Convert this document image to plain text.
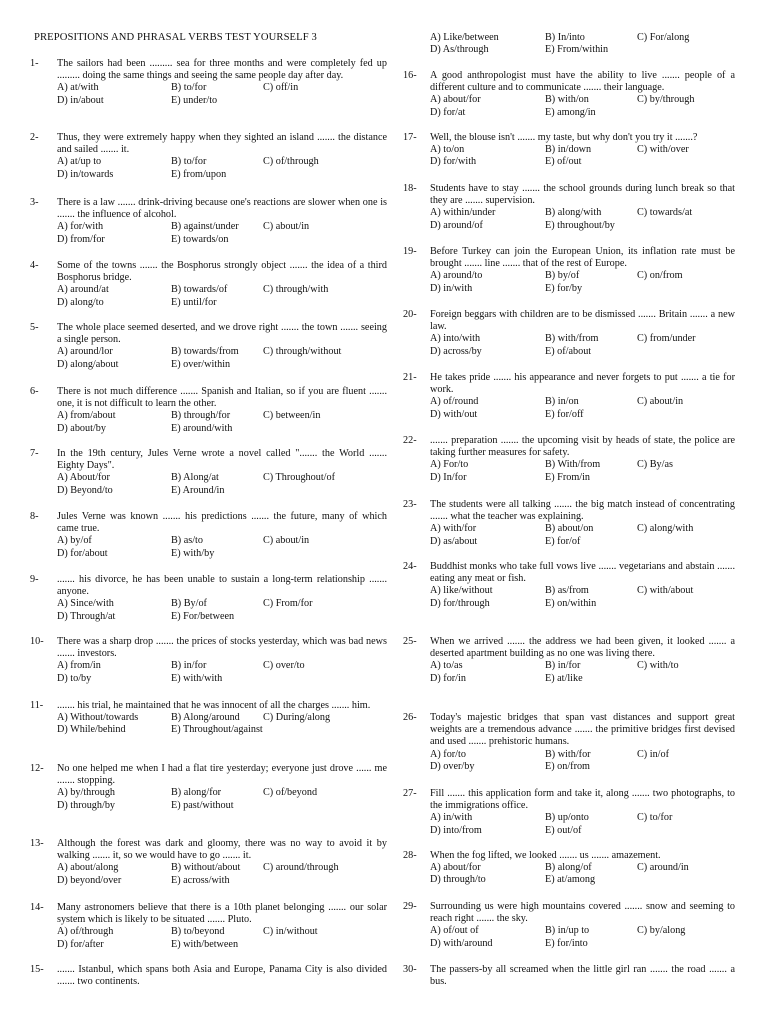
PREPOSITIONS AND PHRASAL VERBS TEST YOURSELF 3
1-	The sailors had been ......... sea for three months and were completely fed up ......... doing the same things and seeing the same people day after day.
A) at/with	B) to/for	C) off/in
D) in/about	E) under/to
2-	Thus, they were extremely happy when they sighted an island ....... the distance and sailed ....... it.
A) at/up to	B) to/for	C) of/through
D) in/towards	E) from/upon
3-	There is a law ....... drink-driving because one's reactions are slower when one is ....... the influence of alcohol.
A) for/with	B) against/under	C) about/in
D) from/for	E) towards/on
4-	Some of the towns ....... the Bosphorus strongly object ....... the idea of a third Bosphorus bridge.
A) around/at	B) towards/of	C) through/with
D) along/to	E) until/for
5-	The whole place seemed deserted, and we drove right ....... the town ....... seeing a single person.
A) around/lor	B) towards/from	C) through/without
D) along/about	E) over/within
6-	There is not much difference ....... Spanish and Italian, so if you are fluent ....... one, it is not difficult to learn the other.
A) from/about	B) through/for	C) between/in
D) about/by	E) around/with
7-	In the 19th century, Jules Verne wrote a novel called "....... the World ....... Eighty Days".
A) About/for	B) Along/at	C) Throughout/of
D) Beyond/to	E) Around/in
8-	Jules Verne was known ....... his predictions ....... the future, many of which came true.
A) by/of	B) as/to	C) about/in
D) for/about	E) with/by
9-	....... his divorce, he has been unable to sustain a long-term relationship ....... anyone.
A) Since/with	B) By/of	C) From/for
D) Through/at	E) For/between
10-	There was a sharp drop ....... the prices of stocks yesterday, which was bad news ....... investors.
A) from/in	B) in/for	C) over/to
D) to/by	E) with/with
11-	....... his trial, he maintained that he was innocent of all the charges ....... him.
A) Without/towards	B) Along/around	C) During/along
D) While/behind	E) Throughout/against
12-	No one helped me when I had a flat tire yesterday; everyone just drove ...... me ....... stopping.
A) by/through	B) along/for	C) of/beyond
D) through/by	E) past/without
13-	Although the forest was dark and gloomy, there was no way to avoid it by walking ....... it, so we would have to go ....... it.
A) about/along	B) without/about	C) around/through
D) beyond/over	E) across/with
14-	Many astronomers believe that there is a 10th planet belonging ....... our solar system which is likely to be situated ....... Pluto.
A) of/through	B) to/beyond	C) in/without
D) for/after	E) with/between
15-	....... Istanbul, which spans both Asia and Europe, Panama City is also divided ....... two continents.
A) Like/between	B) In/into	C) For/along
D) As/through	E) From/within
16-	A good anthropologist must have the ability to live ....... people of a different culture and to communicate ....... their language.
A) about/for	B) with/on	C) by/through
D) for/at	E) among/in
17-	Well, the blouse isn't ....... my taste, but why don't you try it .......?
A) to/on	B) in/down	C) with/over
D) for/with	E) of/out
18-	Students have to stay ....... the school grounds during lunch break so that they are ....... supervision.
A) within/under	B) along/with	C) towards/at
D) around/of	E) throughout/by
19-	Before Turkey can join the European Union, its inflation rate must be brought ....... line ....... that of the rest of Europe.
A) around/to	B) by/of	C) on/from
D) in/with	E) for/by
20-	Foreign beggars with children are to be dismissed ....... Britain ....... a new law.
A) into/with	B) with/from	C) from/under
D) across/by	E) of/about
21-	He takes pride ....... his appearance and never forgets to put ....... a tie for work.
A) of/round	B) in/on	C) about/in
D) with/out	E) for/off
22-	....... preparation ....... the upcoming visit by heads of state, the police are taking further measures for safety.
A) For/to	B) With/from	C) By/as
D) In/for	E) From/in
23-	The students were all talking ....... the big match instead of concentrating ....... what the teacher was explaining.
A) with/for	B) about/on	C) along/with
D) as/about	E) for/of
24-	Buddhist monks who take full vows live ....... vegetarians and abstain ....... eating any meat or fish.
A) like/without	B) as/from	C) with/about
D) for/through	E) on/within
25-	When we arrived ....... the address we had been given, it looked ....... a deserted apartment building as no one was living there.
A) to/as	B) in/for	C) with/to
D) for/in	E) at/like
26-	Today's majestic bridges that span vast distances and support great weights are a tremendous advance ....... the primitive bridges first devised and used ....... prehistoric humans.
A) for/to	B) with/for	C) in/of
D) over/by	E) on/from
27-	Fill ....... this application form and take it, along ....... two photographs, to the immigrations office.
A) in/with	B) up/onto	C) to/for
D) into/from	E) out/of
28-	When the fog lifted, we looked ....... us ....... amazement.
A) about/for	B) along/of	C) around/in
D) through/to	E) at/among
29-	Surrounding us were high mountains covered ....... snow and seeming to reach right ....... the sky.
A) of/out of	B) in/up to	C) by/along
D) with/around	E) for/into
30-	The passers-by all screamed when the little girl ran ....... the road ....... a bus.
